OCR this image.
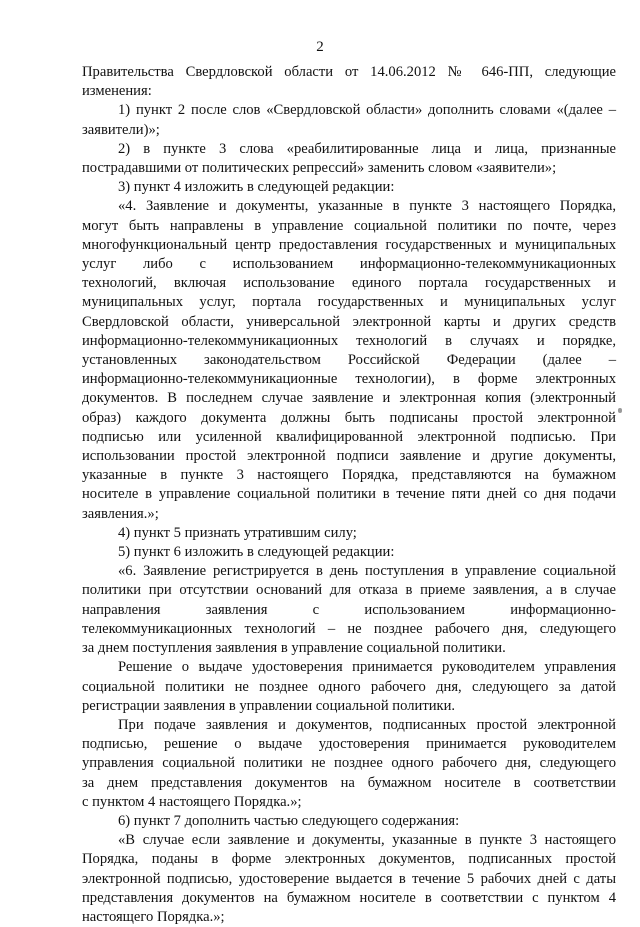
2
Правительства Свердловской области от 14.06.2012 № 646-ПП, следующие
изменения:
1) пункт 2 после слов «Свердловской области» дополнить словами «(далее –
заявители)»;
2) в пункте 3 слова «реабилитированные лица и лица, признанные
пострадавшими от политических репрессий» заменить словом «заявители»;
3) пункт 4 изложить в следующей редакции:
«4. Заявление и документы, указанные в пункте 3 настоящего Порядка,
могут быть направлены в управление социальной политики по почте, через
многофункциональный центр предоставления государственных и муниципальных
услуг либо с использованием информационно-телекоммуникационных
технологий, включая использование единого портала государственных и
муниципальных услуг, портала государственных и муниципальных услуг
Свердловской области, универсальной электронной карты и других средств
информационно-телекоммуникационных технологий в случаях и порядке,
установленных законодательством Российской Федерации (далее –
информационно-телекоммуникационные технологии), в форме электронных
документов. В последнем случае заявление и электронная копия (электронный
образ) каждого документа должны быть подписаны простой электронной
подписью или усиленной квалифицированной электронной подписью. При
использовании простой электронной подписи заявление и другие документы,
указанные в пункте 3 настоящего Порядка, представляются на бумажном
носителе в управление социальной политики в течение пяти дней со дня подачи
заявления.»;
4) пункт 5 признать утратившим силу;
5) пункт 6 изложить в следующей редакции:
«6. Заявление регистрируется в день поступления в управление социальной
политики при отсутствии оснований для отказа в приеме заявления, а в случае
направления заявления с использованием информационно-
телекоммуникационных технологий – не позднее рабочего дня, следующего
за днем поступления заявления в управление социальной политики.
Решение о выдаче удостоверения принимается руководителем управления
социальной политики не позднее одного рабочего дня, следующего за датой
регистрации заявления в управлении социальной политики.
При подаче заявления и документов, подписанных простой электронной
подписью, решение о выдаче удостоверения принимается руководителем
управления социальной политики не позднее одного рабочего дня, следующего
за днем представления документов на бумажном носителе в соответствии
с пунктом 4 настоящего Порядка.»;
6) пункт 7 дополнить частью следующего содержания:
«В случае если заявление и документы, указанные в пункте 3 настоящего
Порядка, поданы в форме электронных документов, подписанных простой
электронной подписью, удостоверение выдается в течение 5 рабочих дней с даты
представления документов на бумажном носителе в соответствии с пунктом 4
настоящего Порядка.»;
